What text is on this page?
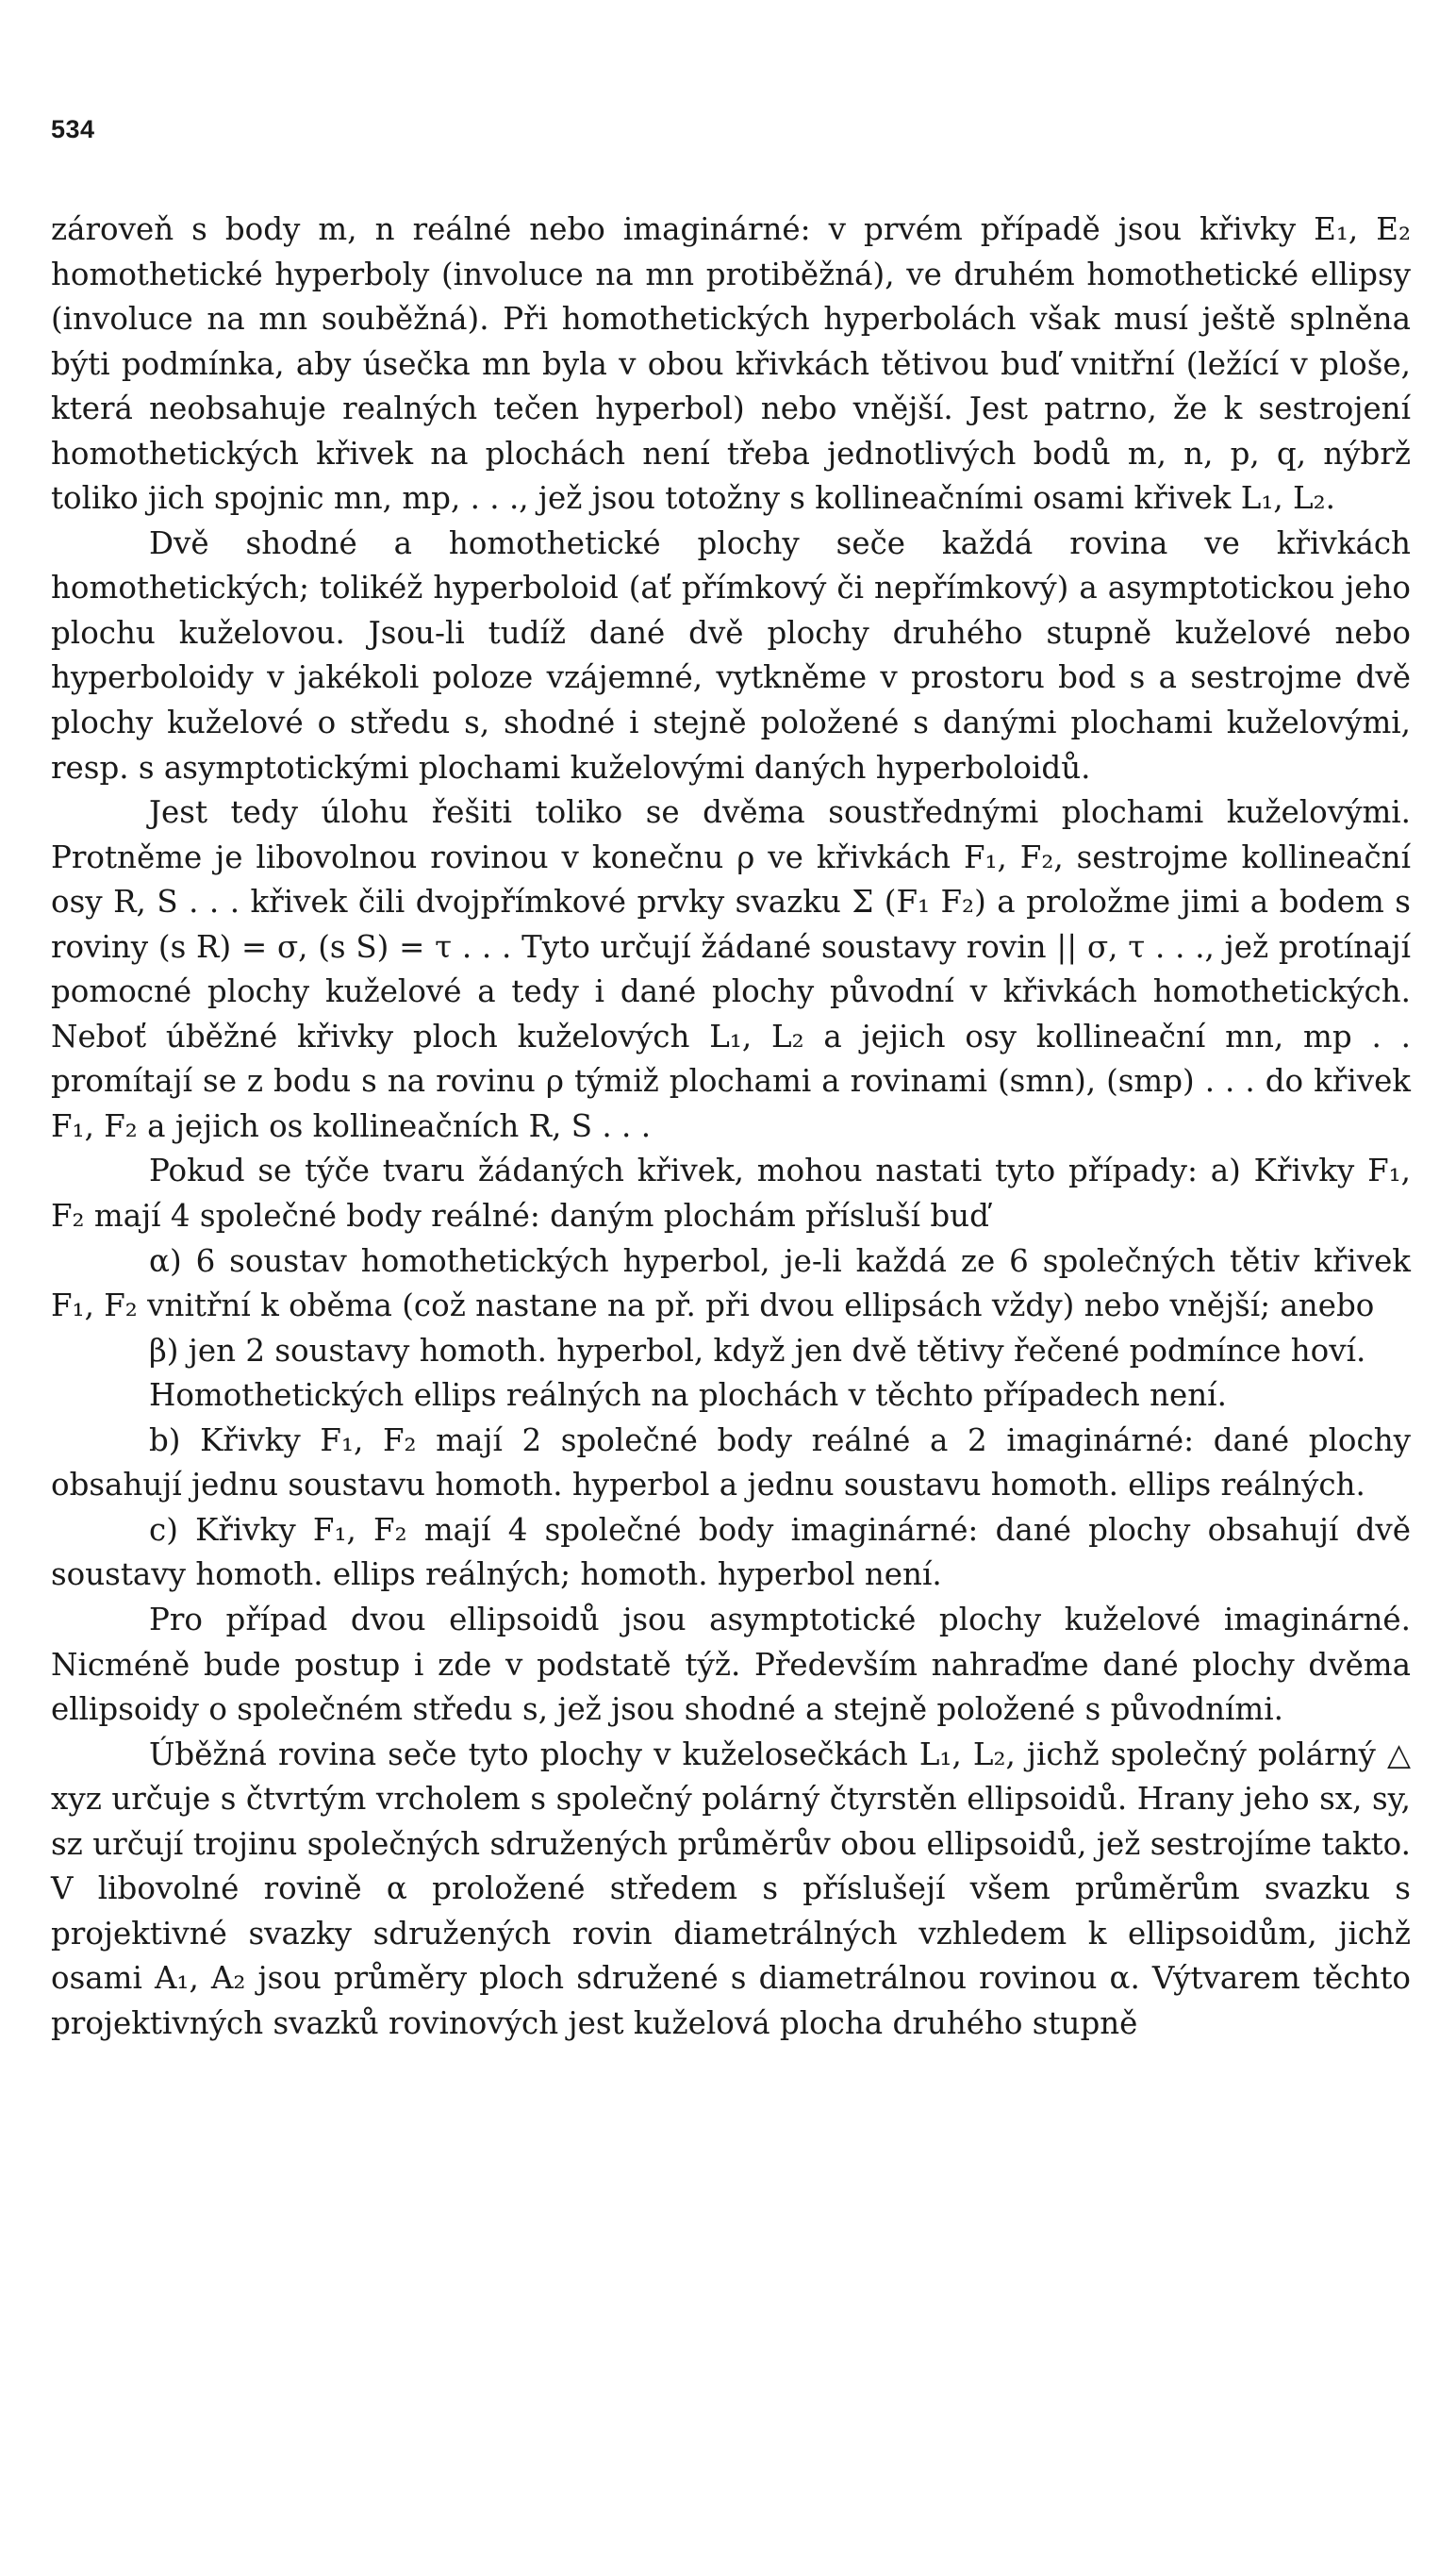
534

zároveň s body m, n reálné nebo imaginárné: v prvém případě jsou křivky E₁, E₂ homothetické hyperboly (involuce na mn protiběžná), ve druhém homothetické ellipsy (involuce na mn souběžná). Při homothetických hyperbolách však musí ještě splněna býti podmínka, aby úsečka mn byla v obou křivkách tětivou buď vnitřní (ležící v ploše, která neobsahuje realných tečen hyperbol) nebo vnější. Jest patrno, že k sestrojení homothetických křivek na plochách není třeba jednotlivých bodů m, n, p, q, nýbrž toliko jich spojnic mn, mp, . . ., jež jsou totožny s kollineačními osami křivek L₁, L₂.

Dvě shodné a homothetické plochy seče každá rovina ve křivkách homothetických; tolikéž hyperboloid (ať přímkový či nepřímkový) a asymptotickou jeho plochu kuželovou. Jsou-li tudíž dané dvě plochy druhého stupně kuželové nebo hyperboloidy v jakékoli poloze vzájemné, vytkněme v prostoru bod s a sestrojme dvě plochy kuželové o středu s, shodné i stejně položené s danými plochami kuželovými, resp. s asymptotickými plochami kuželovými daných hyperboloidů.

Jest tedy úlohu řešiti toliko se dvěma soustřednými plochami kuželovými. Protněme je libovolnou rovinou v konečnu ρ ve křivkách F₁, F₂, sestrojme kollineační osy R, S . . . křivek čili dvojpřímkové prvky svazku Σ (F₁ F₂) a proložme jimi a bodem s roviny (s R) = σ, (s S) = τ . . . Tyto určují žádané soustavy rovin || σ, τ . . ., jež protínají pomocné plochy kuželové a tedy i dané plochy původní v křivkách homothetických. Neboť úběžné křivky ploch kuželových L₁, L₂ a jejich osy kollineační mn, mp . . promítají se z bodu s na rovinu ρ týmiž plochami a rovinami (smn), (smp) . . . do křivek F₁, F₂ a jejich os kollineačních R, S . . .

Pokud se týče tvaru žádaných křivek, mohou nastati tyto případy: a) Křivky F₁, F₂ mají 4 společné body reálné: daným plochám přísluší buď

α) 6 soustav homothetických hyperbol, je-li každá ze 6 společných tětiv křivek F₁, F₂ vnitřní k oběma (což nastane na př. při dvou ellipsách vždy) nebo vnější; anebo

β) jen 2 soustavy homoth. hyperbol, když jen dvě tětivy řečené podmínce hoví.

Homothetických ellips reálných na plochách v těchto případech není.

b) Křivky F₁, F₂ mají 2 společné body reálné a 2 imaginárné: dané plochy obsahují jednu soustavu homoth. hyperbol a jednu soustavu homoth. ellips reálných.

c) Křivky F₁, F₂ mají 4 společné body imaginárné: dané plochy obsahují dvě soustavy homoth. ellips reálných; homoth. hyperbol není.

Pro případ dvou ellipsoidů jsou asymptotické plochy kuželové imaginárné. Nicméně bude postup i zde v podstatě týž. Především nahraďme dané plochy dvěma ellipsoidy o společném středu s, jež jsou shodné a stejně položené s původními.

Úběžná rovina seče tyto plochy v kuželosečkách L₁, L₂, jichž společný polárný △ xyz určuje s čtvrtým vrcholem s společný polárný čtyrstěn ellipsoidů. Hrany jeho sx, sy, sz určují trojinu společných sdružených průměrův obou ellipsoidů, jež sestrojíme takto. V libovolné rovině α proložené středem s příslušejí všem průměrům svazku s projektivné svazky sdružených rovin diametrálných vzhledem k ellipsoidům, jichž osami A₁, A₂ jsou průměry ploch sdružené s diametrálnou rovinou α. Výtvarem těchto projektivných svazků rovinových jest kuželová plocha druhého stupně
